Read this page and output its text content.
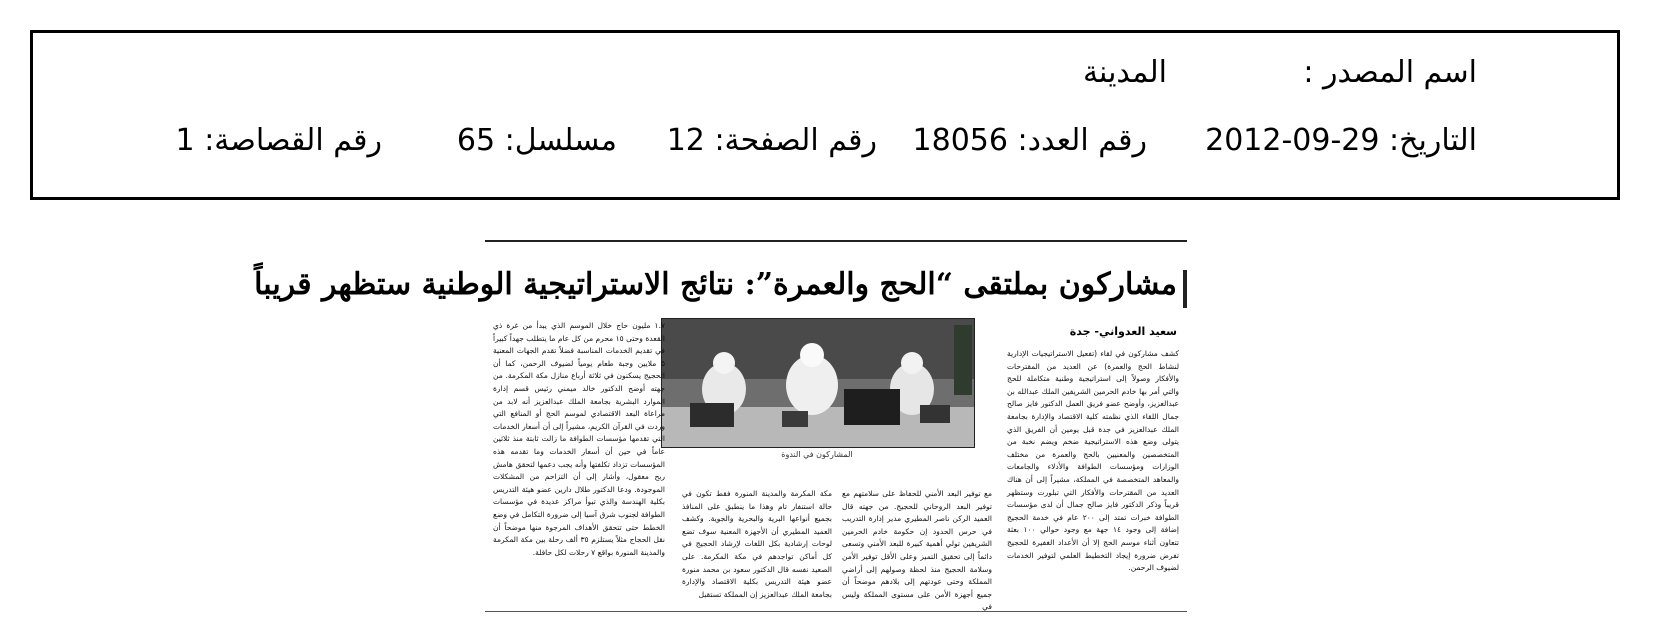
اسم المصدر :
المدينة
التاريخ: 2012-09-29
رقم العدد: 18056
رقم الصفحة: 12
مسلسل: 65
رقم القصاصة: 1
مشاركون بملتقى “الحج والعمرة”: نتائج الاستراتيجية الوطنية ستظهر قريباً
سعيد العدواني- جدة

كشف مشاركون في لقاء (تفعيل الاستراتيجيات الإدارية لنشاط الحج والعمرة) عن العديد من المقترحات والأفكار وصولاً إلى استراتيجية وطنية متكاملة للحج والتي أمر بها خادم الحرمين الشريفين الملك عبدالله بن عبدالعزيز، وأوضح عضو فريق العمل الدكتور فايز صالح جمال اللقاء الذي نظمته كلية الاقتصاد والإدارة بجامعة الملك عبدالعزيز في جدة قبل يومين أن الفريق الذي يتولى وضع هذه الاستراتيجية ضخم ويضم نخبة من المتخصصين والمعنيين بالحج والعمرة من مختلف الوزارات ومؤسسات الطوافة والأدلاء والجامعات والمعاهد المتخصصة في المملكة، مشيراً إلى أن هناك العديد من المقترحات والأفكار التي تبلورت وستظهر قريباً وذكر الدكتور فايز صالح جمال أن لدى مؤسسات الطوافة خبرات تمتد إلى ٢٠٠ عام في خدمة الحجيج إضافة إلى وجود ١٤ جهة مع وجود حوالي ١٠٠ بعثة تتعاون أثناء موسم الحج إلا أن الأعداد الغفيرة للحجيج تفرض ضرورة إيجاد التخطيط العلمي لتوفير الخدمات لضيوف الرحمن.

المشاركون في الندوة

مع توفير البعد الأمني للحفاظ على سلامتهم مع توفير البعد الروحاني للحجيج. من جهته قال العميد الركن ناصر المطيري مدير إدارة التدريب في حرس الحدود إن حكومة خادم الحرمين الشريفين تولي أهمية كبيرة للبعد الأمني وتسعى دائماً إلى تحقيق التميز وعلى الأقل توفير الأمن وسلامة الحجيج منذ لحظة وصولهم إلى أراضي المملكة وحتى عودتهم إلى بلادهم موضحاً أن جميع أجهزة الأمن على مستوى المملكة وليس في

مكة المكرمة والمدينة المنورة فقط تكون في حالة استنفار تام وهذا ما ينطبق على المنافذ بجميع أنواعها البرية والبحرية والجوية. وكشف العميد المطيري أن الأجهزة المعنية سوف تضع لوحات إرشادية بكل اللغات لإرشاد الحجيج في كل أماكن تواجدهم في مكة المكرمة. على الصعيد نفسه قال الدكتور سعود بن محمد منورة عضو هيئة التدريس بكلية الاقتصاد والإدارة بجامعة الملك عبدالعزيز إن المملكة تستقبل

١.٧ مليون حاج خلال الموسم الذي يبدأ من غرة ذي القعدة وحتى ١٥ محرم من كل عام ما يتطلب جهداً كبيراً في تقديم الخدمات المناسبة فضلاً تقدم الجهات المعنية ٥ ملايين وجبة طعام يومياً لضيوف الرحمن، كما أن الحجيج يسكنون في ثلاثة أرباع منازل مكة المكرمة. من جهته أوضح الدكتور خالد ميمني رئيس قسم إدارة الموارد البشرية بجامعة الملك عبدالعزيز أنه لابد من مراعاة البعد الاقتصادي لموسم الحج أو المنافع التي وردت في القرآن الكريم، مشيراً إلى أن أسعار الخدمات التي تقدمها مؤسسات الطوافة ما زالت ثابتة منذ ثلاثين عاماً في حين أن أسعار الخدمات وما تقدمه هذه المؤسسات تزداد تكلفتها وأنه يجب دعمها لتحقق هامش ربح معقول، وأشار إلى أن التزاحم من المشكلات الموجودة. ودعا الدكتور طلال دارين عضو هيئة التدريس بكلية الهندسة والذي تبوأ مراكز عديدة في مؤسسات الطوافة لجنوب شرق آسيا إلى ضرورة التكامل في وضع الخطط حتى تتحقق الأهداف المرجوة منها موضحاً أن نقل الحجاج مثلاً يستلزم ٣٥ ألف رحلة بين مكة المكرمة والمدينة المنورة بواقع ٧ رحلات لكل حافلة.
